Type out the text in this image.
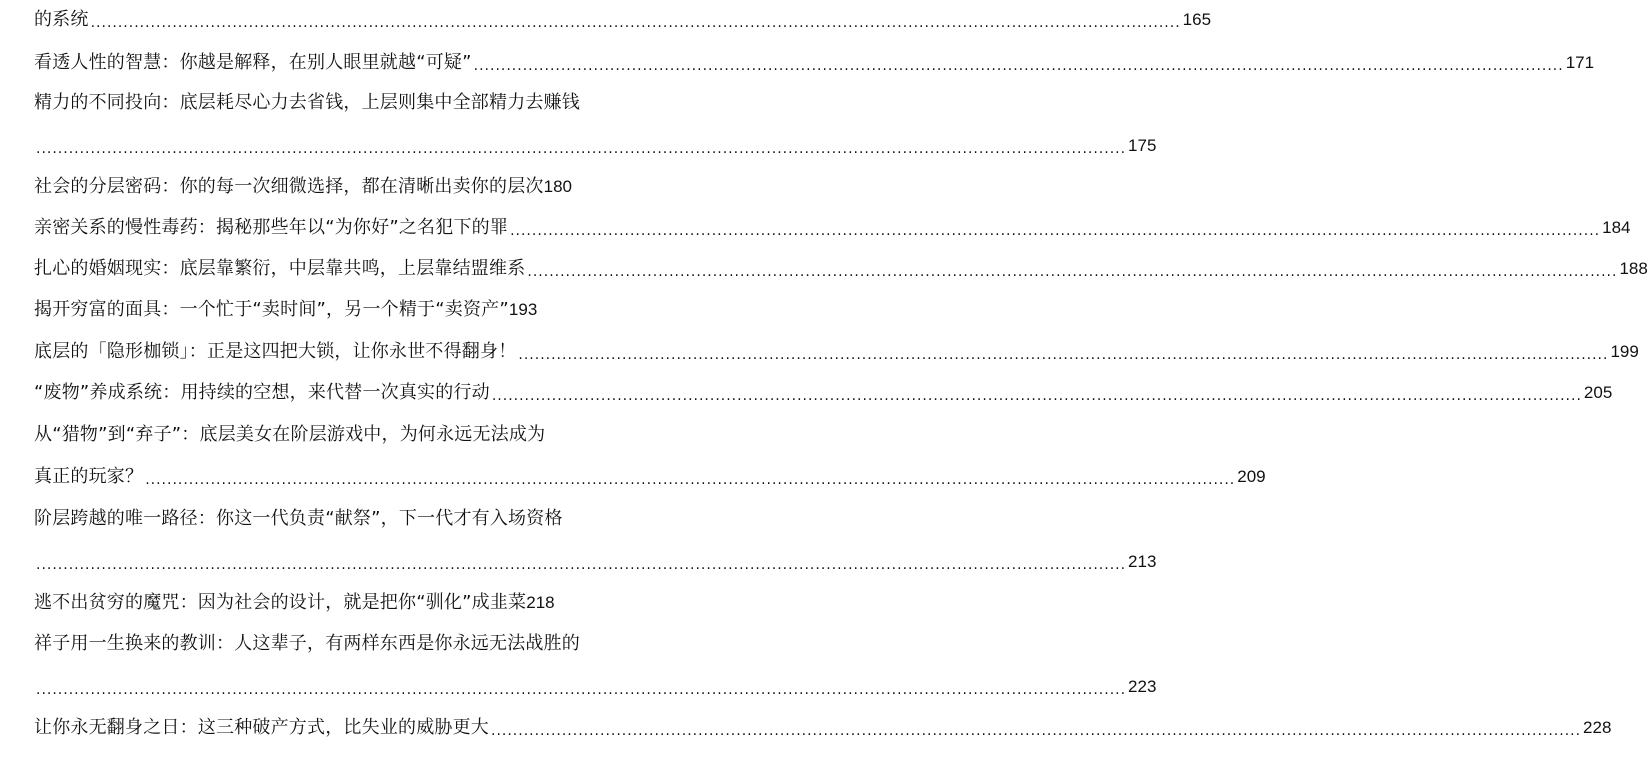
的系统 ........................................................................................................................................................................................................ 165
看透人性的智慧：你越是解释，在别人眼里就越“可疑” ........................................................................................................................................................................................................ 171
精力的不同投向：底层耗尽心力去省钱，上层则集中全部精力去赚钱
........................................................................................................................................................................................................ 175
社会的分层密码：你的每一次细微选择，都在清晰出卖你的层次 180
亲密关系的慢性毒药：揭秘那些年以“为你好”之名犯下的罪 ........................................................................................................................................................................................................ 184
扎心的婚姻现实：底层靠繁衍，中层靠共鸣，上层靠结盟维系 ........................................................................................................................................................................................................ 188
揭开穷富的面具：一个忙于“卖时间”，另一个精于“卖资产” 193
底层的「隐形枷锁」：正是这四把大锁，让你永世不得翻身！ ........................................................................................................................................................................................................ 199
“废物”养成系统：用持续的空想，来代替一次真实的行动 ........................................................................................................................................................................................................ 205
从“猎物”到“弃子”：底层美女在阶层游戏中，为何永远无法成为
真正的玩家？ ........................................................................................................................................................................................................ 209
阶层跨越的唯一路径：你这一代负责“献祭”，下一代才有入场资格
........................................................................................................................................................................................................ 213
逃不出贫穷的魔咒：因为社会的设计，就是把你“驯化”成韭菜 218
祥子用一生换来的教训：人这辈子，有两样东西是你永远无法战胜的
........................................................................................................................................................................................................ 223
让你永无翻身之日：这三种破产方式，比失业的威胁更大 ........................................................................................................................................................................................................ 228
